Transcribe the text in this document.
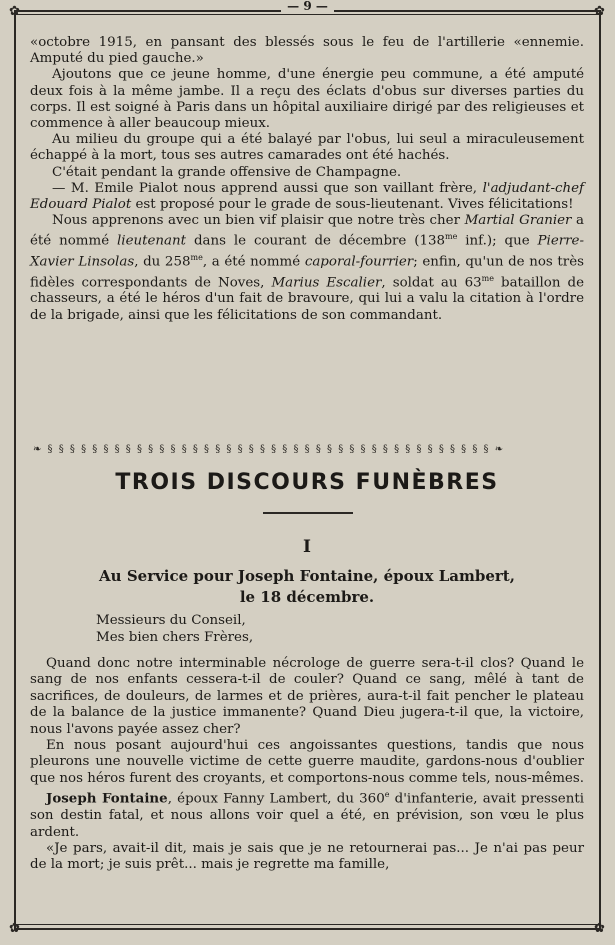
✿	✿
✿	✿
— 9 —

«octobre 1915, en pansant des blessés sous le feu de l'artillerie «ennemie. Amputé du pied gauche.»

Ajoutons que ce jeune homme, d'une énergie peu commune, a été amputé deux fois à la même jambe. Il a reçu des éclats d'obus sur diverses parties du corps. Il est soigné à Paris dans un hôpital auxiliaire dirigé par des religieuses et commence à aller beaucoup mieux.

Au milieu du groupe qui a été balayé par l'obus, lui seul a miraculeusement échappé à la mort, tous ses autres camarades ont été hachés.

C'était pendant la grande offensive de Champagne.

— M. Emile Pialot nous apprend aussi que son vaillant frère, l'adjudant-chef Edouard Pialot est proposé pour le grade de sous-lieutenant. Vives félicitations!

Nous apprenons avec un bien vif plaisir que notre très cher Martial Granier a été nommé lieutenant dans le courant de décembre ($138^{me}$ inf.); que Pierre-Xavier Linsolas, du $258^{me}$, a été nommé caporal-fourrier; enfin, qu'un de nos très fidèles correspondants de Noves, Marius Escalier, soldat au $63^{me}$ bataillon de chasseurs, a été le héros d'un fait de bravoure, qui lui a valu la citation à l'ordre de la brigade, ainsi que les félicitations de son commandant.

❧ § § § § § § § § § § § § § § § § § § § § § § § § § § § § § § § § § § § § § § § § ❧
TROIS DISCOURS FUNÈBRES
I
Au Service pour Joseph Fontaine, époux Lambert,
le 18 décembre.
Messieurs du Conseil,
Mes bien chers Frères,

Quand donc notre interminable nécrologe de guerre sera-t-il clos? Quand le sang de nos enfants cessera-t-il de couler? Quand ce sang, mêlé à tant de sacrifices, de douleurs, de larmes et de prières, aura-t-il fait pencher le plateau de la balance de la justice immanente? Quand Dieu jugera-t-il que, la victoire, nous l'avons payée assez cher?

En nous posant aujourd'hui ces angoissantes questions, tandis que nous pleurons une nouvelle victime de cette guerre maudite, gardons-nous d'oublier que nos héros furent des croyants, et comportons-nous comme tels, nous-mêmes.

Joseph Fontaine, époux Fanny Lambert, du 360e d'infanterie, avait pressenti son destin fatal, et nous allons voir quel a été, en prévision, son vœu le plus ardent.

«Je pars, avait-il dit, mais je sais que je ne retournerai pas... Je n'ai pas peur de la mort; je suis prêt... mais je regrette ma famille,
